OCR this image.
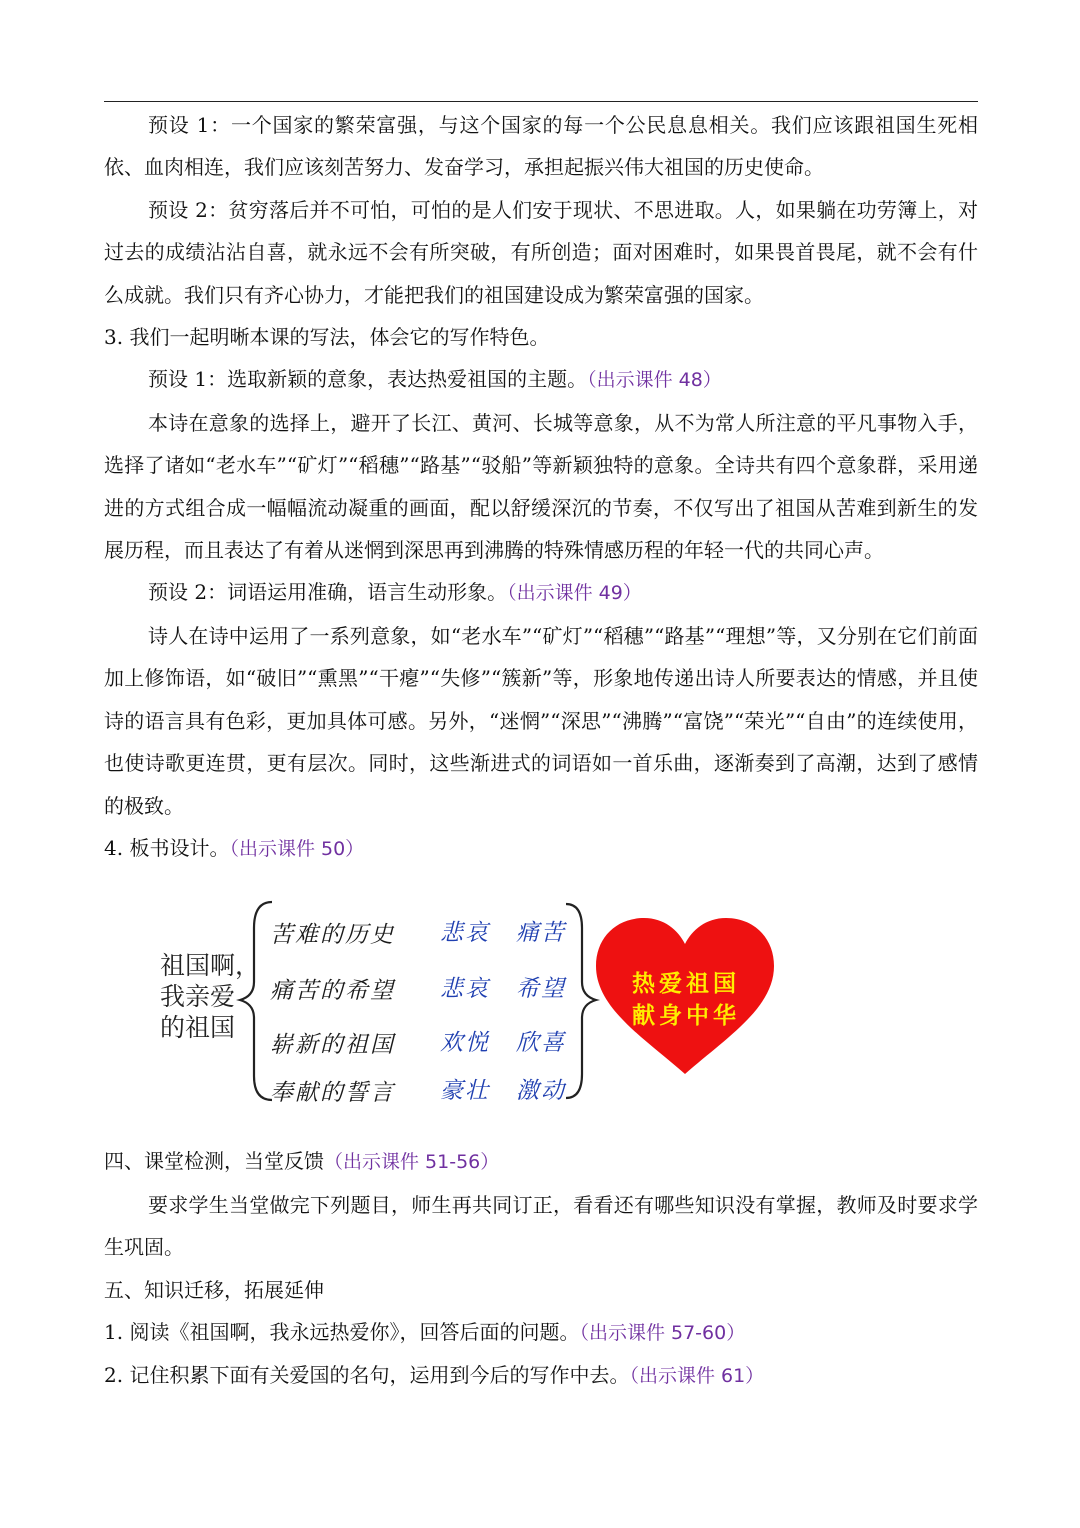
预设 1：一个国家的繁荣富强，与这个国家的每一个公民息息相关。我们应该跟祖国生死相依、血肉相连，我们应该刻苦努力、发奋学习，承担起振兴伟大祖国的历史使命。

预设 2：贫穷落后并不可怕，可怕的是人们安于现状、不思进取。人，如果躺在功劳簿上，对过去的成绩沾沾自喜，就永远不会有所突破，有所创造；面对困难时，如果畏首畏尾，就不会有什么成就。我们只有齐心协力，才能把我们的祖国建设成为繁荣富强的国家。

3. 我们一起明晰本课的写法，体会它的写作特色。

预设 1：选取新颖的意象，表达热爱祖国的主题。（出示课件 48）

本诗在意象的选择上，避开了长江、黄河、长城等意象，从不为常人所注意的平凡事物入手，选择了诸如“老水车”“矿灯”“稻穗”“路基”“驳船”等新颖独特的意象。全诗共有四个意象群，采用递进的方式组合成一幅幅流动凝重的画面，配以舒缓深沉的节奏，不仅写出了祖国从苦难到新生的发展历程，而且表达了有着从迷惘到深思再到沸腾的特殊情感历程的年轻一代的共同心声。

预设 2：词语运用准确，语言生动形象。（出示课件 49）

诗人在诗中运用了一系列意象，如“老水车”“矿灯”“稻穗”“路基”“理想”等，又分别在它们前面加上修饰语，如“破旧”“熏黑”“干瘪”“失修”“簇新”等，形象地传递出诗人所要表达的情感，并且使诗的语言具有色彩，更加具体可感。另外，“迷惘”“深思”“沸腾”“富饶”“荣光”“自由”的连续使用，也使诗歌更连贯，更有层次。同时，这些渐进式的词语如一首乐曲，逐渐奏到了高潮，达到了感情的极致。

4. 板书设计。（出示课件 50）

祖国啊，
我亲爱
的祖国
苦难的历史 悲哀 痛苦
痛苦的希望 悲哀 希望
崭新的祖国 欢悦 欣喜
奉献的誓言 豪壮 激动
热爱祖国
献身中华

四、课堂检测，当堂反馈（出示课件 51-56）

要求学生当堂做完下列题目，师生再共同订正，看看还有哪些知识没有掌握，教师及时要求学生巩固。

五、知识迁移，拓展延伸

1. 阅读《祖国啊，我永远热爱你》，回答后面的问题。（出示课件 57-60）

2. 记住积累下面有关爱国的名句，运用到今后的写作中去。（出示课件 61）
